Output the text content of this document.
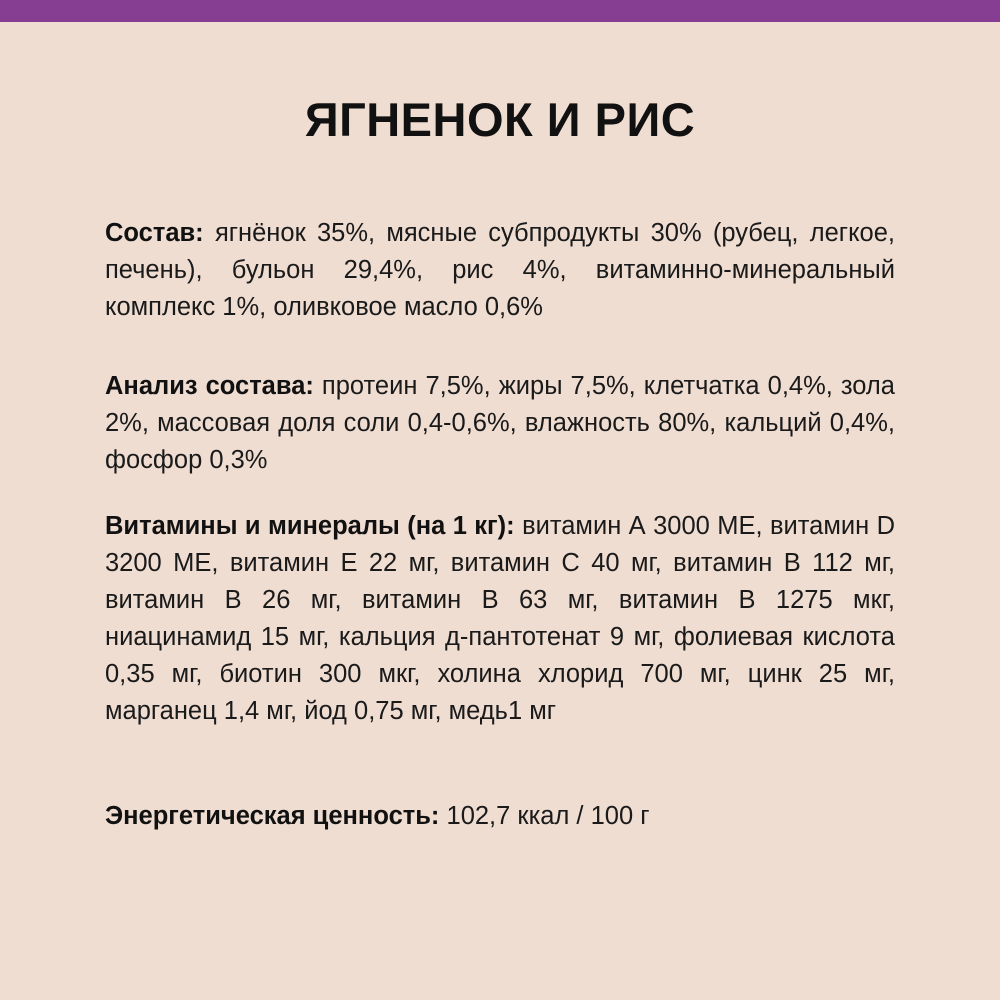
ЯГНЕНОК И РИС

Состав: ягнёнок 35%, мясные субпродукты 30% (рубец, легкое, печень), бульон 29,4%, рис 4%, витаминно-минеральный комплекс 1%, оливковое масло 0,6%

Анализ состава: протеин 7,5%, жиры 7,5%, клетчатка 0,4%, зола 2%, массовая доля соли 0,4-0,6%, влажность 80%, кальций 0,4%, фосфор 0,3%

Витамины и минералы (на 1 кг): витамин А 3000 МЕ, витамин D 3200 МЕ, витамин Е 22 мг, витамин С 40 мг, витамин В 112 мг, витамин В 26 мг, витамин В 63 мг, витамин В 1275 мкг, ниацинамид 15 мг, кальция д-пантотенат 9 мг, фолиевая кислота 0,35 мг, биотин 300 мкг, холина хлорид 700 мг, цинк 25 мг, марганец 1,4 мг, йод 0,75 мг, медь1 мг

Энергетическая ценность: 102,7 ккал / 100 г
